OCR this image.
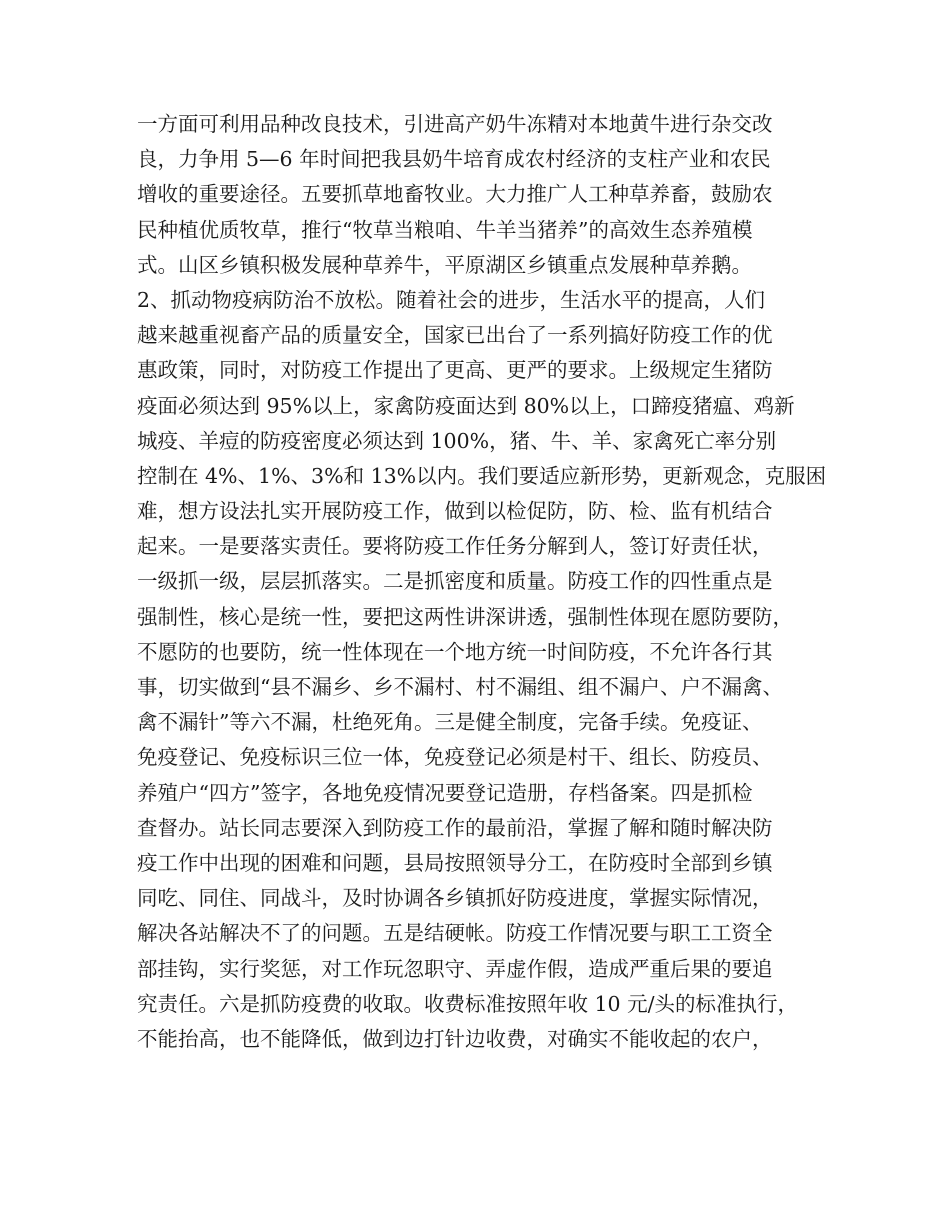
一方面可利用品种改良技术，引进高产奶牛冻精对本地黄牛进行杂交改
良，力争用 5—6 年时间把我县奶牛培育成农村经济的支柱产业和农民
增收的重要途径。五要抓草地畜牧业。大力推广人工种草养畜，鼓励农
民种植优质牧草，推行“牧草当粮咱、牛羊当猪养”的高效生态养殖模
式。山区乡镇积极发展种草养牛，平原湖区乡镇重点发展种草养鹅。
2、抓动物疫病防治不放松。随着社会的进步，生活水平的提高，人们
越来越重视畜产品的质量安全，国家已出台了一系列搞好防疫工作的优
惠政策，同时，对防疫工作提出了更高、更严的要求。上级规定生猪防
疫面必须达到 95%以上，家禽防疫面达到 80%以上，口蹄疫猪瘟、鸡新
城疫、羊痘的防疫密度必须达到 100%，猪、牛、羊、家禽死亡率分别
控制在 4%、1%、3%和 13%以内。我们要适应新形势，更新观念，克服困
难，想方设法扎实开展防疫工作，做到以检促防，防、检、监有机结合
起来。一是要落实责任。要将防疫工作任务分解到人，签订好责任状，
一级抓一级，层层抓落实。二是抓密度和质量。防疫工作的四性重点是
强制性，核心是统一性，要把这两性讲深讲透，强制性体现在愿防要防，
不愿防的也要防，统一性体现在一个地方统一时间防疫，不允许各行其
事，切实做到“县不漏乡、乡不漏村、村不漏组、组不漏户、户不漏禽、
禽不漏针”等六不漏，杜绝死角。三是健全制度，完备手续。免疫证、
免疫登记、免疫标识三位一体，免疫登记必须是村干、组长、防疫员、
养殖户“四方”签字，各地免疫情况要登记造册，存档备案。四是抓检
查督办。站长同志要深入到防疫工作的最前沿，掌握了解和随时解决防
疫工作中出现的困难和问题，县局按照领导分工，在防疫时全部到乡镇
同吃、同住、同战斗，及时协调各乡镇抓好防疫进度，掌握实际情况，
解决各站解决不了的问题。五是结硬帐。防疫工作情况要与职工工资全
部挂钩，实行奖惩，对工作玩忽职守、弄虚作假，造成严重后果的要追
究责任。六是抓防疫费的收取。收费标准按照年收 10 元/头的标准执行，
不能抬高，也不能降低，做到边打针边收费，对确实不能收起的农户，
